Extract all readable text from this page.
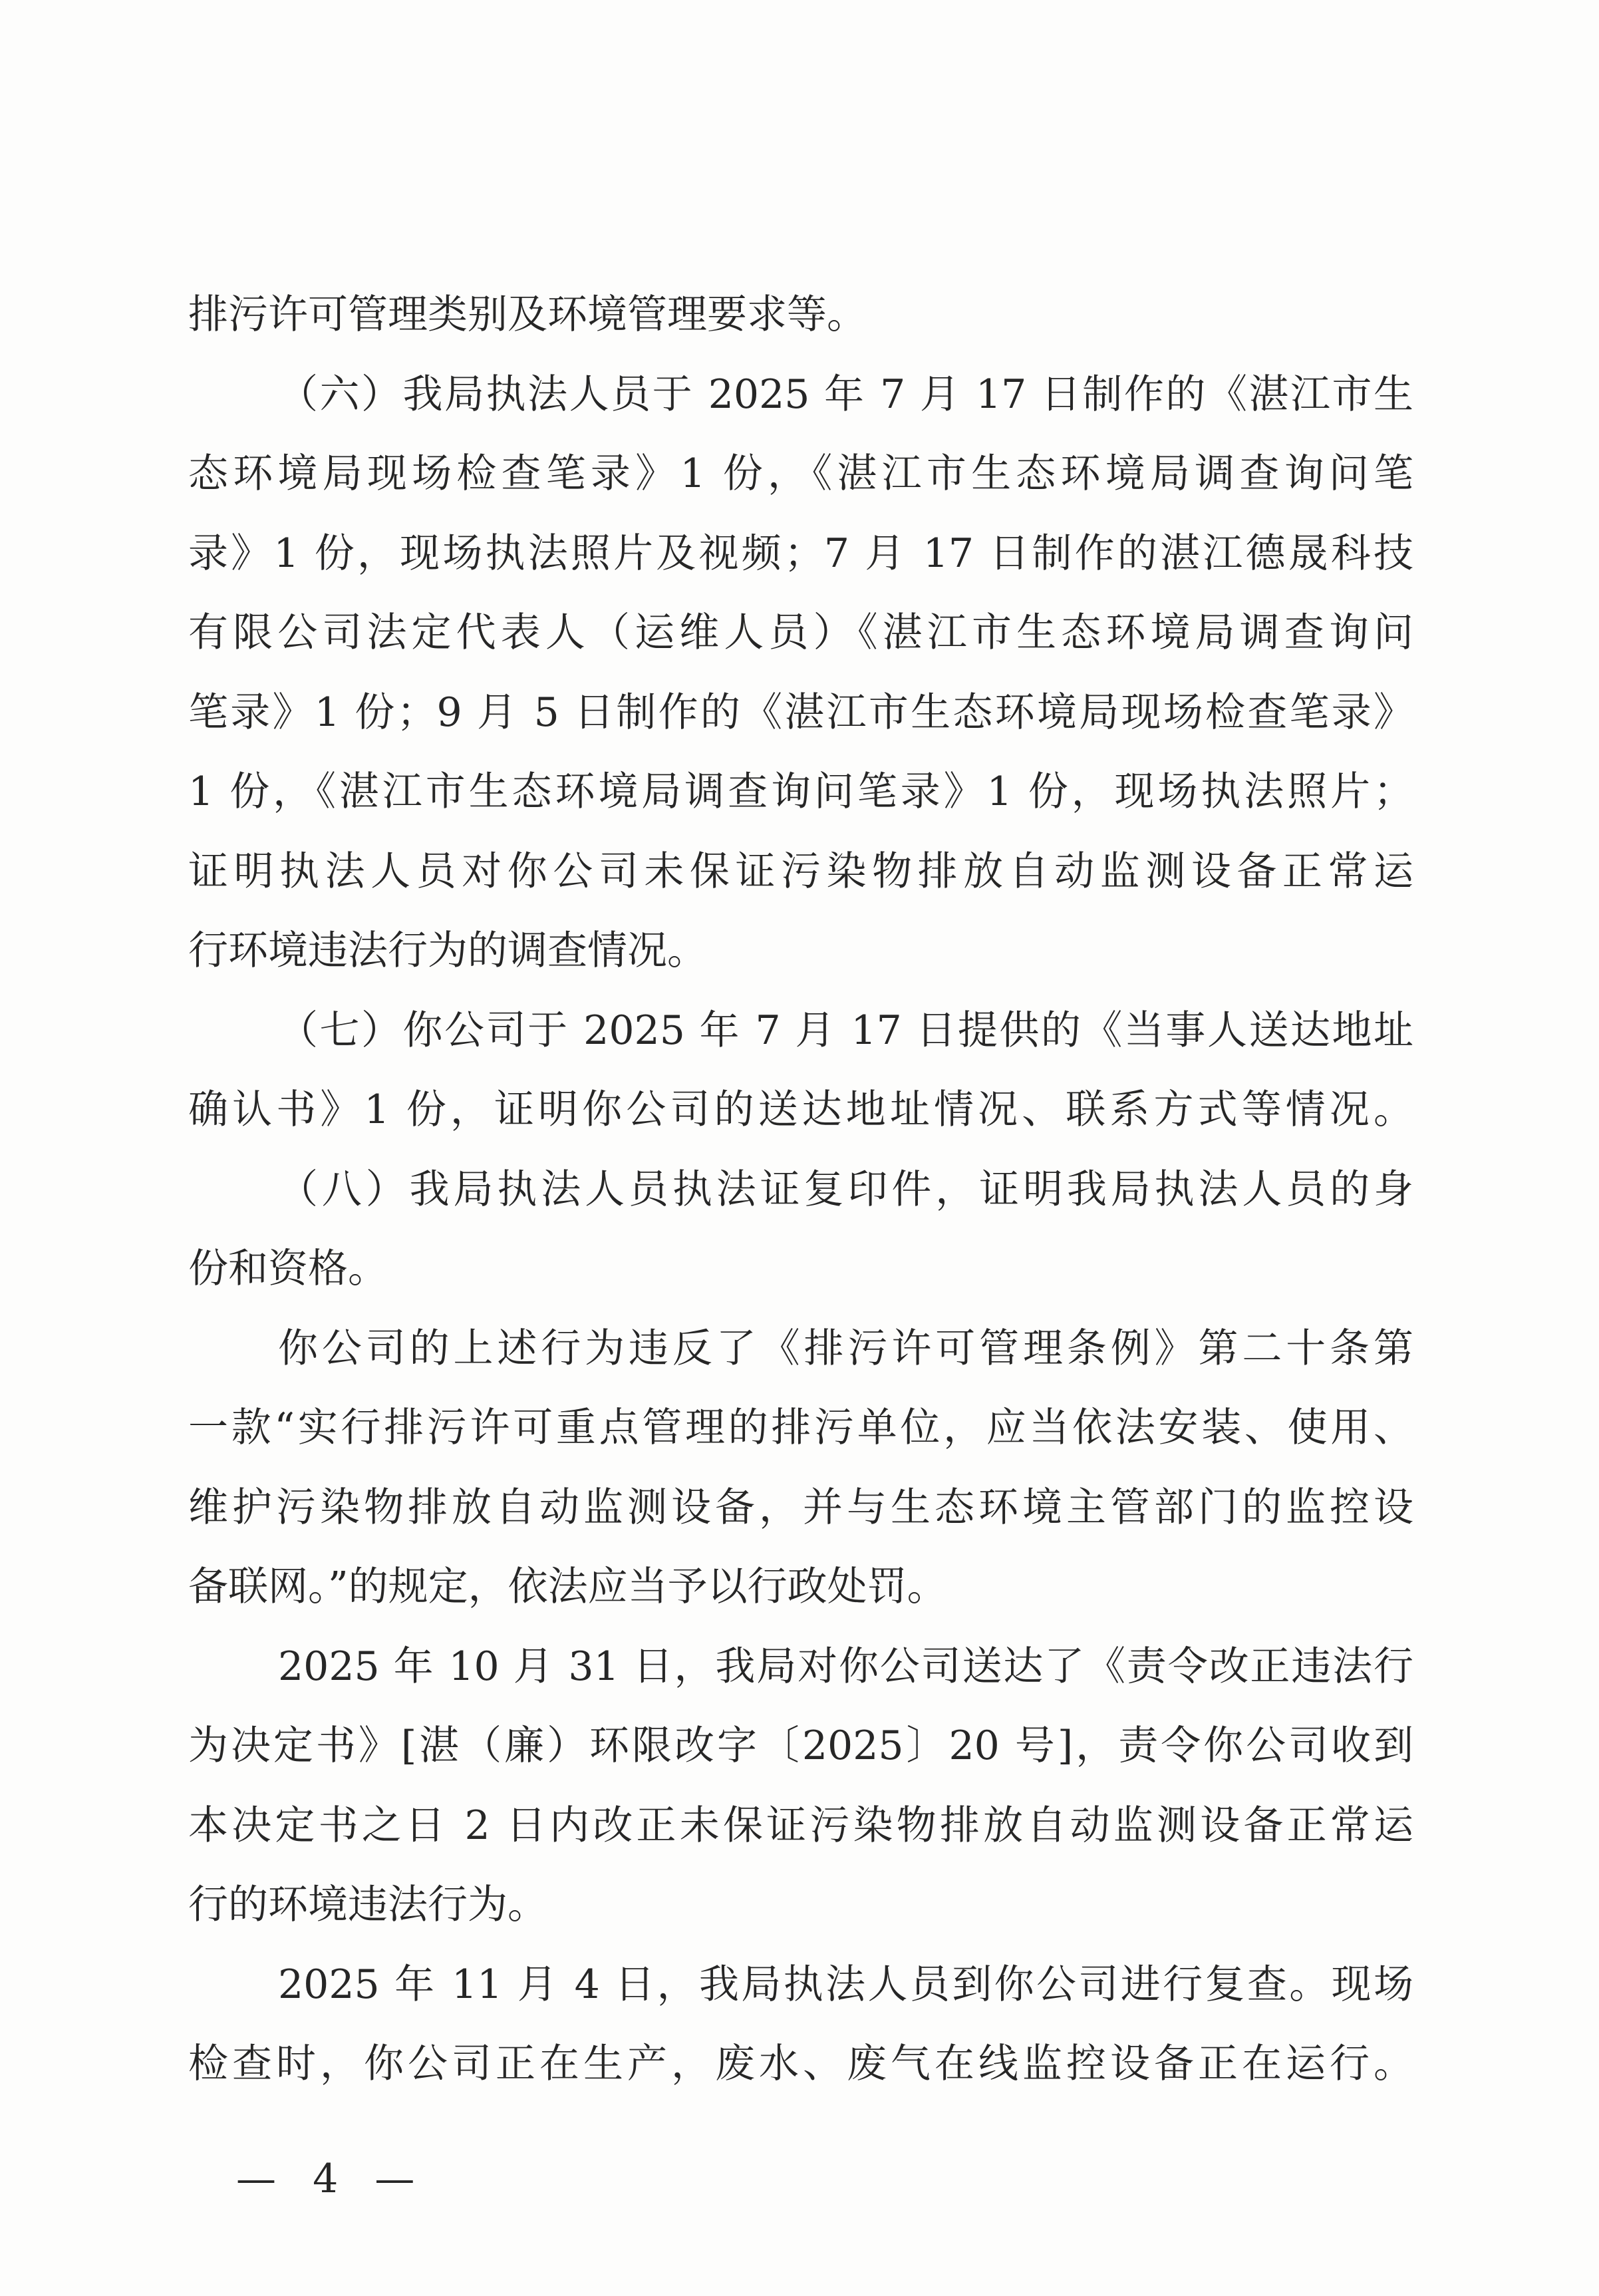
排污许可管理类别及环境管理要求等。
（六）我局执法人员于 2025 年 7 月 17 日制作的《湛江市生
态环境局现场检查笔录》1 份，《湛江市生态环境局调查询问笔
录》1 份，现场执法照片及视频；7 月 17 日制作的湛江德晟科技
有限公司法定代表人（运维人员）《湛江市生态环境局调查询问
笔录》1 份；9 月 5 日制作的《湛江市生态环境局现场检查笔录》
1 份，《湛江市生态环境局调查询问笔录》1 份，现场执法照片；
证明执法人员对你公司未保证污染物排放自动监测设备正常运
行环境违法行为的调查情况。
（七）你公司于 2025 年 7 月 17 日提供的《当事人送达地址
确认书》1 份，证明你公司的送达地址情况、联系方式等情况。
（八）我局执法人员执法证复印件，证明我局执法人员的身
份和资格。
你公司的上述行为违反了《排污许可管理条例》第二十条第
一款“实行排污许可重点管理的排污单位，应当依法安装、使用、
维护污染物排放自动监测设备，并与生态环境主管部门的监控设
备联网。”的规定，依法应当予以行政处罚。
2025 年 10 月 31 日，我局对你公司送达了《责令改正违法行
为决定书》[湛（廉）环限改字〔2025〕20 号]，责令你公司收到
本决定书之日 2 日内改正未保证污染物排放自动监测设备正常运
行的环境违法行为。
2025 年 11 月 4 日，我局执法人员到你公司进行复查。现场
检查时，你公司正在生产，废水、废气在线监控设备正在运行。
— 4 —
